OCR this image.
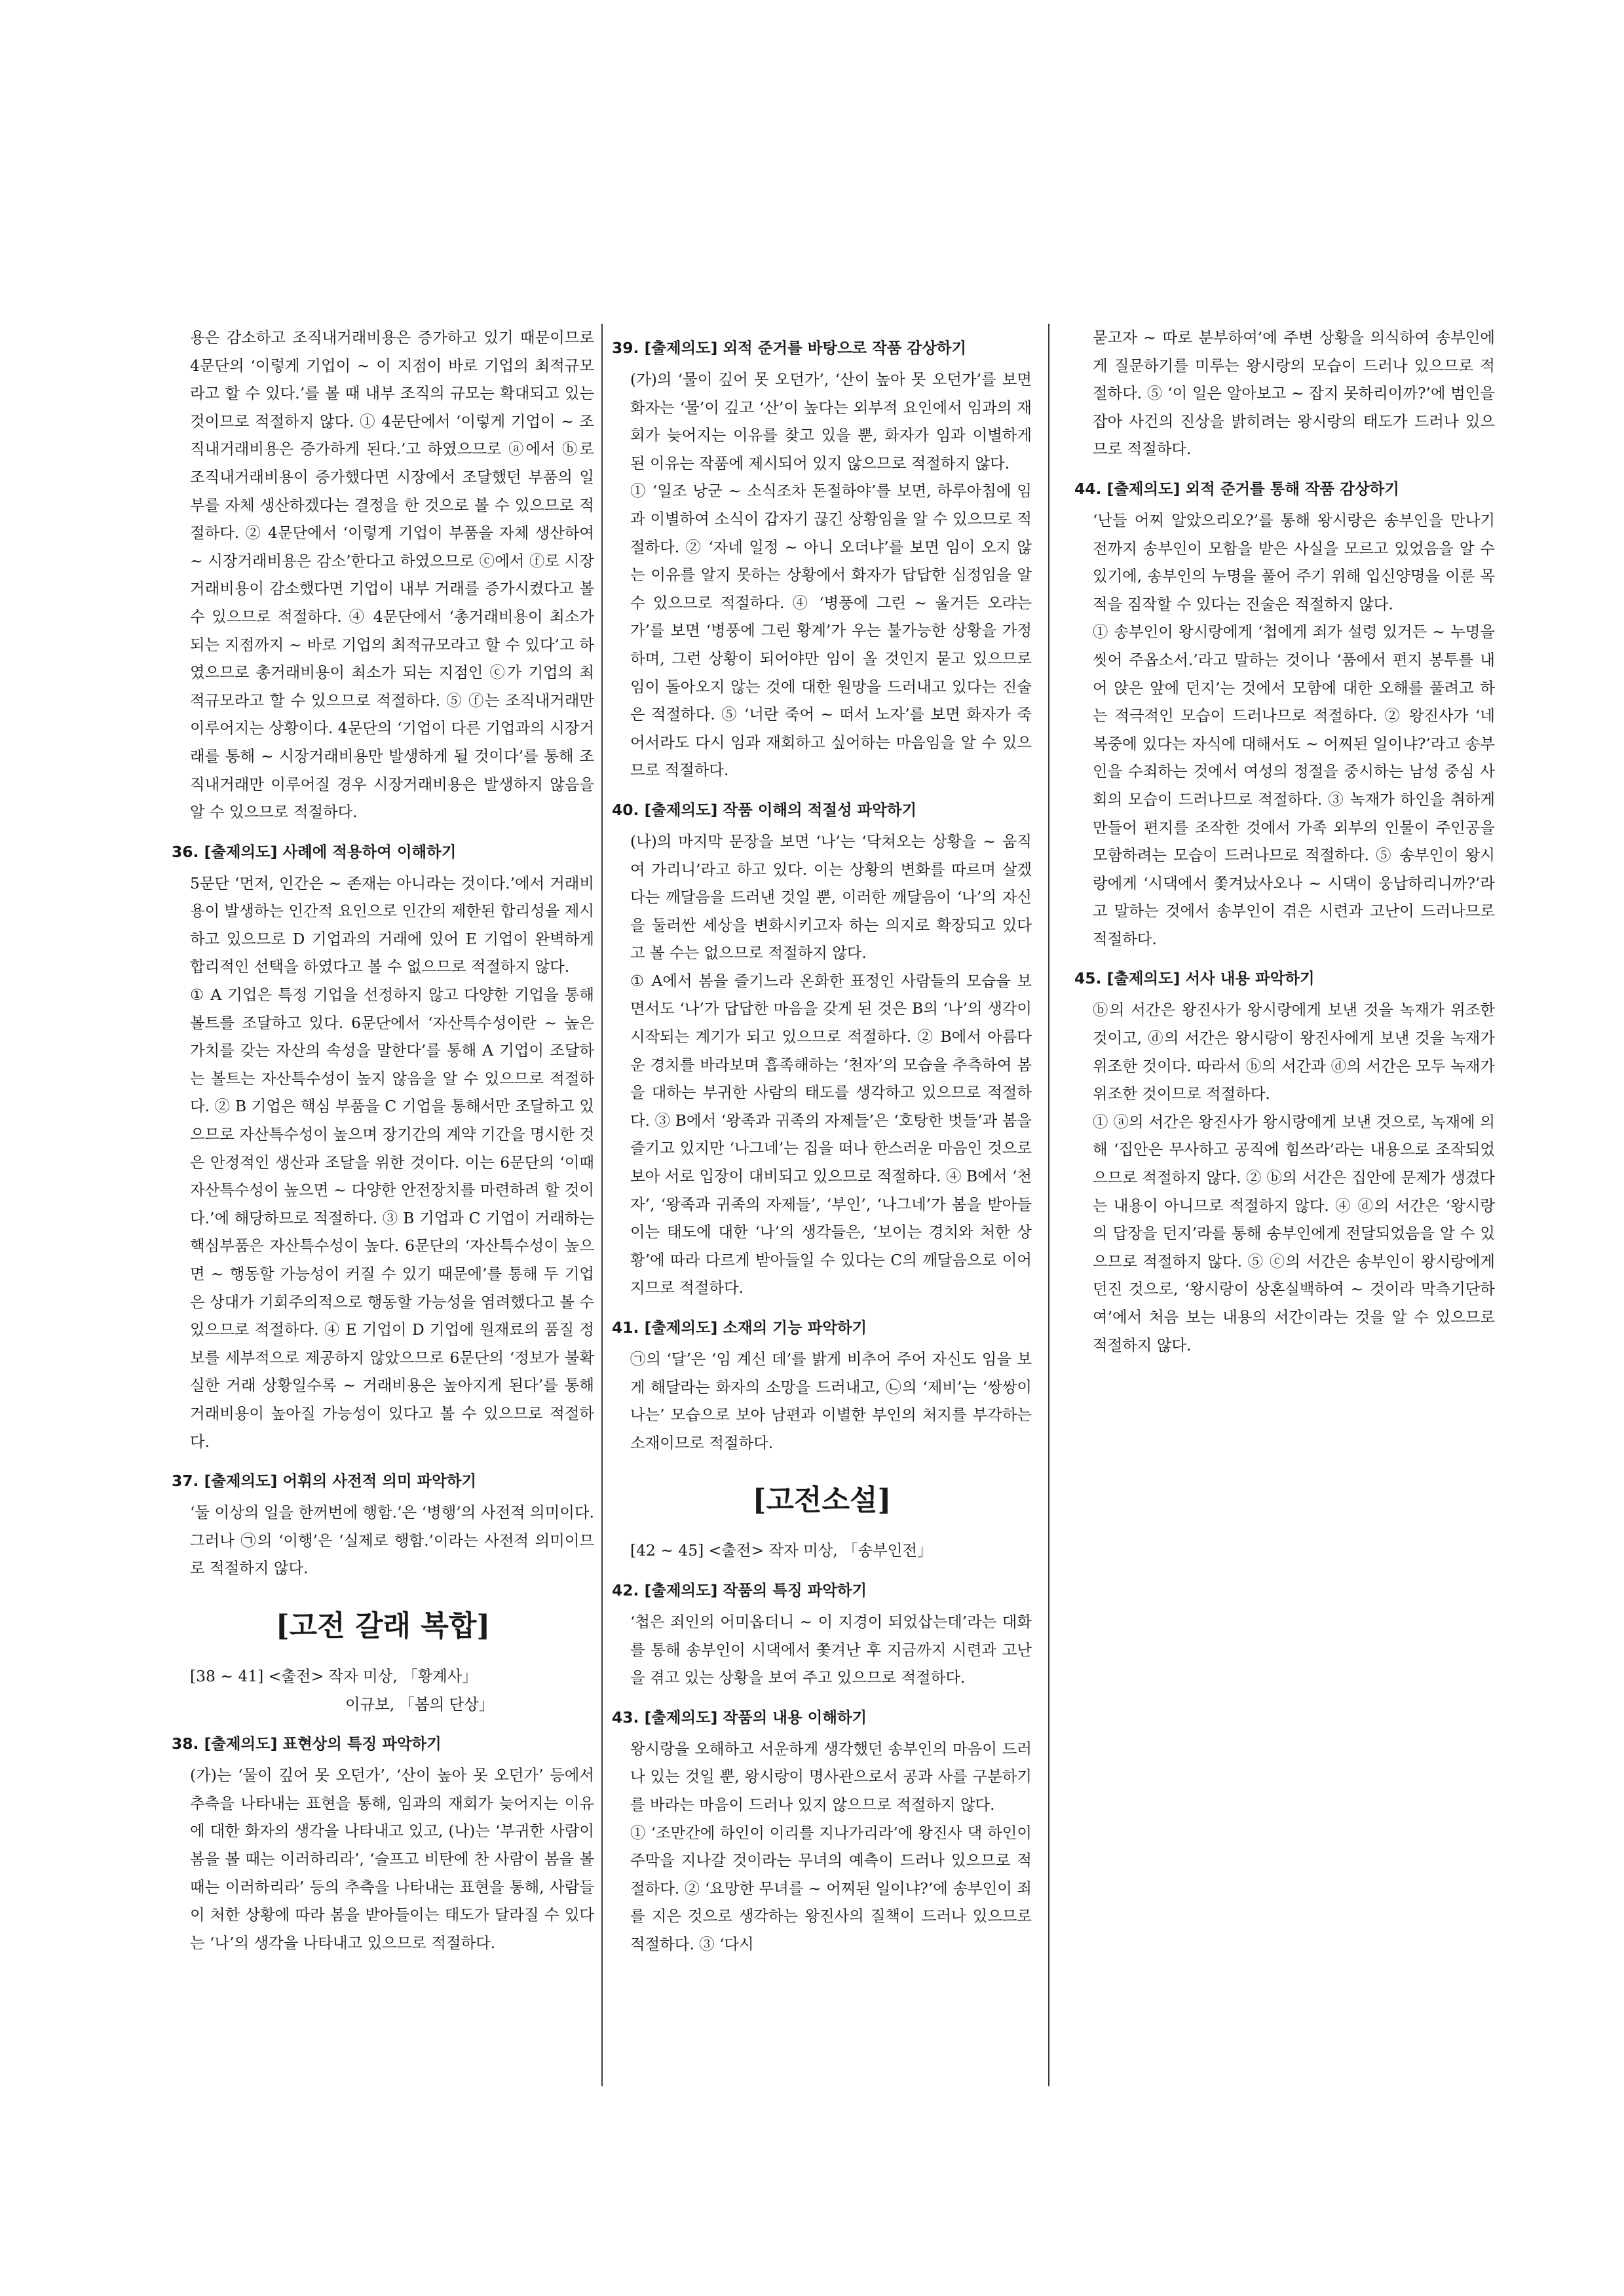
용은 감소하고 조직내거래비용은 증가하고 있기 때문이므로 4문단의 ‘이렇게 기업이 ~ 이 지점이 바로 기업의 최적규모라고 할 수 있다.’를 볼 때 내부 조직의 규모는 확대되고 있는 것이므로 적절하지 않다. ① 4문단에서 ‘이렇게 기업이 ~ 조직내거래비용은 증가하게 된다.’고 하였으므로 ⓐ에서 ⓑ로 조직내거래비용이 증가했다면 시장에서 조달했던 부품의 일부를 자체 생산하겠다는 결정을 한 것으로 볼 수 있으므로 적절하다. ② 4문단에서 ‘이렇게 기업이 부품을 자체 생산하여 ~ 시장거래비용은 감소’한다고 하였으므로 ⓒ에서 ⓕ로 시장거래비용이 감소했다면 기업이 내부 거래를 증가시켰다고 볼 수 있으므로 적절하다. ④ 4문단에서 ‘총거래비용이 최소가 되는 지점까지 ~ 바로 기업의 최적규모라고 할 수 있다’고 하였으므로 총거래비용이 최소가 되는 지점인 ⓒ가 기업의 최적규모라고 할 수 있으므로 적절하다. ⑤ ⓕ는 조직내거래만 이루어지는 상황이다. 4문단의 ‘기업이 다른 기업과의 시장거래를 통해 ~ 시장거래비용만 발생하게 될 것이다’를 통해 조직내거래만 이루어질 경우 시장거래비용은 발생하지 않음을 알 수 있으므로 적절하다.

36. [출제의도] 사례에 적용하여 이해하기

5문단 ‘먼저, 인간은 ~ 존재는 아니라는 것이다.’에서 거래비용이 발생하는 인간적 요인으로 인간의 제한된 합리성을 제시하고 있으므로 D 기업과의 거래에 있어 E 기업이 완벽하게 합리적인 선택을 하였다고 볼 수 없으므로 적절하지 않다.

① A 기업은 특정 기업을 선정하지 않고 다양한 기업을 통해 볼트를 조달하고 있다. 6문단에서 ‘자산특수성이란 ~ 높은 가치를 갖는 자산의 속성을 말한다’를 통해 A 기업이 조달하는 볼트는 자산특수성이 높지 않음을 알 수 있으므로 적절하다. ② B 기업은 핵심 부품을 C 기업을 통해서만 조달하고 있으므로 자산특수성이 높으며 장기간의 계약 기간을 명시한 것은 안정적인 생산과 조달을 위한 것이다. 이는 6문단의 ‘이때 자산특수성이 높으면 ~ 다양한 안전장치를 마련하려 할 것이다.’에 해당하므로 적절하다. ③ B 기업과 C 기업이 거래하는 핵심부품은 자산특수성이 높다. 6문단의 ‘자산특수성이 높으면 ~ 행동할 가능성이 커질 수 있기 때문에’를 통해 두 기업은 상대가 기회주의적으로 행동할 가능성을 염려했다고 볼 수 있으므로 적절하다. ④ E 기업이 D 기업에 원재료의 품질 정보를 세부적으로 제공하지 않았으므로 6문단의 ‘정보가 불확실한 거래 상황일수록 ~ 거래비용은 높아지게 된다’를 통해 거래비용이 높아질 가능성이 있다고 볼 수 있으므로 적절하다.

37. [출제의도] 어휘의 사전적 의미 파악하기

‘둘 이상의 일을 한꺼번에 행함.’은 ‘병행’의 사전적 의미이다. 그러나 ㉠의 ‘이행’은 ‘실제로 행함.’이라는 사전적 의미이므로 적절하지 않다.

[고전 갈래 복합]
[38 ~ 41] <출전> 작자 미상, 「황계사」
이규보, 「봄의 단상」
38. [출제의도] 표현상의 특징 파악하기

(가)는 ‘물이 깊어 못 오던가’, ‘산이 높아 못 오던가’ 등에서 추측을 나타내는 표현을 통해, 임과의 재회가 늦어지는 이유에 대한 화자의 생각을 나타내고 있고, (나)는 ‘부귀한 사람이 봄을 볼 때는 이러하리라’, ‘슬프고 비탄에 찬 사람이 봄을 볼 때는 이러하리라’ 등의 추측을 나타내는 표현을 통해, 사람들이 처한 상황에 따라 봄을 받아들이는 태도가 달라질 수 있다는 ‘나’의 생각을 나타내고 있으므로 적절하다.

39. [출제의도] 외적 준거를 바탕으로 작품 감상하기

(가)의 ‘물이 깊어 못 오던가’, ‘산이 높아 못 오던가’를 보면 화자는 ‘물’이 깊고 ‘산’이 높다는 외부적 요인에서 임과의 재회가 늦어지는 이유를 찾고 있을 뿐, 화자가 임과 이별하게 된 이유는 작품에 제시되어 있지 않으므로 적절하지 않다.

① ‘일조 낭군 ~ 소식조차 돈절하야’를 보면, 하루아침에 임과 이별하여 소식이 갑자기 끊긴 상황임을 알 수 있으므로 적절하다. ② ‘자네 일정 ~ 아니 오더냐’를 보면 임이 오지 않는 이유를 알지 못하는 상황에서 화자가 답답한 심정임을 알 수 있으므로 적절하다. ④ ‘병풍에 그린 ~ 울거든 오랴는가’를 보면 ‘병풍에 그린 황계’가 우는 불가능한 상황을 가정하며, 그런 상황이 되어야만 임이 올 것인지 묻고 있으므로 임이 돌아오지 않는 것에 대한 원망을 드러내고 있다는 진술은 적절하다. ⑤ ‘너란 죽어 ~ 떠서 노자’를 보면 화자가 죽어서라도 다시 임과 재회하고 싶어하는 마음임을 알 수 있으므로 적절하다.

40. [출제의도] 작품 이해의 적절성 파악하기

(나)의 마지막 문장을 보면 ‘나’는 ‘닥쳐오는 상황을 ~ 움직여 가리니’라고 하고 있다. 이는 상황의 변화를 따르며 살겠다는 깨달음을 드러낸 것일 뿐, 이러한 깨달음이 ‘나’의 자신을 둘러싼 세상을 변화시키고자 하는 의지로 확장되고 있다고 볼 수는 없으므로 적절하지 않다.

① A에서 봄을 즐기느라 온화한 표정인 사람들의 모습을 보면서도 ‘나’가 답답한 마음을 갖게 된 것은 B의 ‘나’의 생각이 시작되는 계기가 되고 있으므로 적절하다. ② B에서 아름다운 경치를 바라보며 흡족해하는 ‘천자’의 모습을 추측하여 봄을 대하는 부귀한 사람의 태도를 생각하고 있으므로 적절하다. ③ B에서 ‘왕족과 귀족의 자제들’은 ‘호탕한 벗들’과 봄을 즐기고 있지만 ‘나그네’는 집을 떠나 한스러운 마음인 것으로 보아 서로 입장이 대비되고 있으므로 적절하다. ④ B에서 ‘천자’, ‘왕족과 귀족의 자제들’, ‘부인’, ‘나그네’가 봄을 받아들이는 태도에 대한 ‘나’의 생각들은, ‘보이는 경치와 처한 상황’에 따라 다르게 받아들일 수 있다는 C의 깨달음으로 이어지므로 적절하다.

41. [출제의도] 소재의 기능 파악하기

㉠의 ‘달’은 ‘임 계신 데’를 밝게 비추어 주어 자신도 임을 보게 해달라는 화자의 소망을 드러내고, ㉡의 ‘제비’는 ‘쌍쌍이 나는’ 모습으로 보아 남편과 이별한 부인의 처지를 부각하는 소재이므로 적절하다.

[고전소설]
[42 ~ 45] <출전> 작자 미상, 「송부인전」
42. [출제의도] 작품의 특징 파악하기

‘첩은 죄인의 어미옵더니 ~ 이 지경이 되었삽는데’라는 대화를 통해 송부인이 시댁에서 쫓겨난 후 지금까지 시련과 고난을 겪고 있는 상황을 보여 주고 있으므로 적절하다.

43. [출제의도] 작품의 내용 이해하기

왕시랑을 오해하고 서운하게 생각했던 송부인의 마음이 드러나 있는 것일 뿐, 왕시랑이 명사관으로서 공과 사를 구분하기를 바라는 마음이 드러나 있지 않으므로 적절하지 않다.

① ‘조만간에 하인이 이리를 지나가리라’에 왕진사 댁 하인이 주막을 지나갈 것이라는 무녀의 예측이 드러나 있으므로 적절하다. ② ‘요망한 무녀를 ~ 어찌된 일이냐?’에 송부인이 죄를 지은 것으로 생각하는 왕진사의 질책이 드러나 있으므로 적절하다. ③ ‘다시

묻고자 ~ 따로 분부하여’에 주변 상황을 의식하여 송부인에게 질문하기를 미루는 왕시랑의 모습이 드러나 있으므로 적절하다. ⑤ ‘이 일은 알아보고 ~ 잡지 못하리이까?’에 범인을 잡아 사건의 진상을 밝히려는 왕시랑의 태도가 드러나 있으므로 적절하다.

44. [출제의도] 외적 준거를 통해 작품 감상하기

‘난들 어찌 알았으리오?’를 통해 왕시랑은 송부인을 만나기 전까지 송부인이 모함을 받은 사실을 모르고 있었음을 알 수 있기에, 송부인의 누명을 풀어 주기 위해 입신양명을 이룬 목적을 짐작할 수 있다는 진술은 적절하지 않다.

① 송부인이 왕시랑에게 ‘첩에게 죄가 설령 있거든 ~ 누명을 씻어 주옵소서.’라고 말하는 것이나 ‘품에서 편지 봉투를 내어 앉은 앞에 던지’는 것에서 모함에 대한 오해를 풀려고 하는 적극적인 모습이 드러나므로 적절하다. ② 왕진사가 ‘네 복중에 있다는 자식에 대해서도 ~ 어찌된 일이냐?’라고 송부인을 수죄하는 것에서 여성의 정절을 중시하는 남성 중심 사회의 모습이 드러나므로 적절하다. ③ 녹재가 하인을 취하게 만들어 편지를 조작한 것에서 가족 외부의 인물이 주인공을 모함하려는 모습이 드러나므로 적절하다. ⑤ 송부인이 왕시랑에게 ‘시댁에서 쫓겨났사오나 ~ 시댁이 웅납하리니까?’라고 말하는 것에서 송부인이 겪은 시련과 고난이 드러나므로 적절하다.

45. [출제의도] 서사 내용 파악하기

ⓑ의 서간은 왕진사가 왕시랑에게 보낸 것을 녹재가 위조한 것이고, ⓓ의 서간은 왕시랑이 왕진사에게 보낸 것을 녹재가 위조한 것이다. 따라서 ⓑ의 서간과 ⓓ의 서간은 모두 녹재가 위조한 것이므로 적절하다.

① ⓐ의 서간은 왕진사가 왕시랑에게 보낸 것으로, 녹재에 의해 ‘집안은 무사하고 공직에 힘쓰라’라는 내용으로 조작되었으므로 적절하지 않다. ② ⓑ의 서간은 집안에 문제가 생겼다는 내용이 아니므로 적절하지 않다. ④ ⓓ의 서간은 ‘왕시랑의 답장을 던지’라를 통해 송부인에게 전달되었음을 알 수 있으므로 적절하지 않다. ⑤ ⓒ의 서간은 송부인이 왕시랑에게 던진 것으로, ‘왕시랑이 상혼실백하여 ~ 것이라 막측기단하여’에서 처음 보는 내용의 서간이라는 것을 알 수 있으므로 적절하지 않다.
